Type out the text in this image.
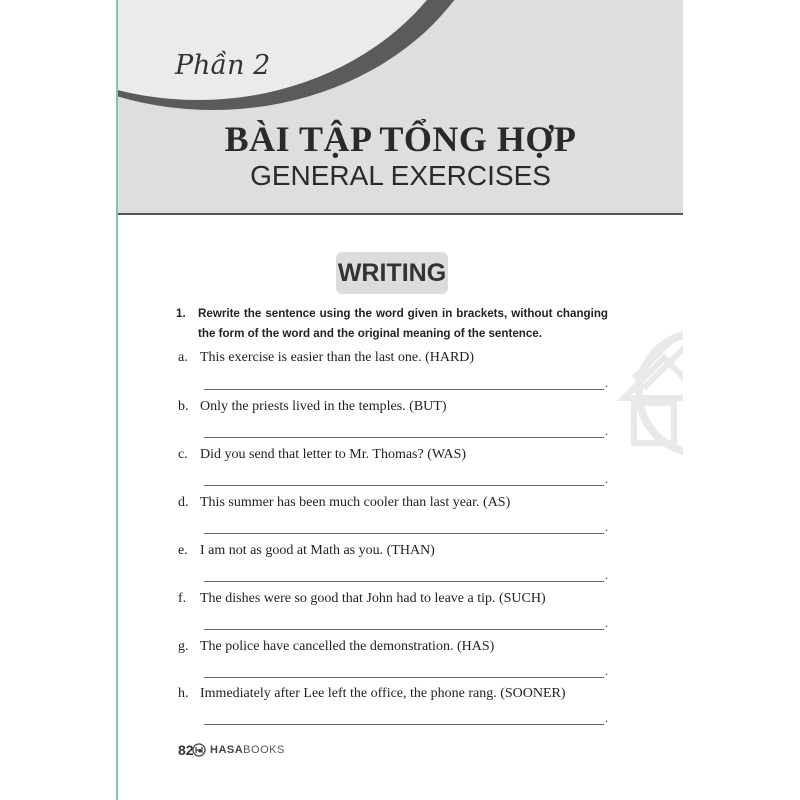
Phần 2
BÀI TẬP TỔNG HỢP
GENERAL EXERCISES
WRITING
1. Rewrite the sentence using the word given in brackets, without changing the form of the word and the original meaning of the sentence.
a. This exercise is easier than the last one. (HARD)
.
b. Only the priests lived in the temples. (BUT)
.
c. Did you send that letter to Mr. Thomas? (WAS)
.
d. This summer has been much cooler than last year. (AS)
.
e. I am not as good at Math as you. (THAN)
.
f. The dishes were so good that John had to leave a tip. (SUCH)
.
g. The police have cancelled the demonstration. (HAS)
.
h. Immediately after Lee left the office, the phone rang. (SOONER)
.
82 • HASABOOKS
